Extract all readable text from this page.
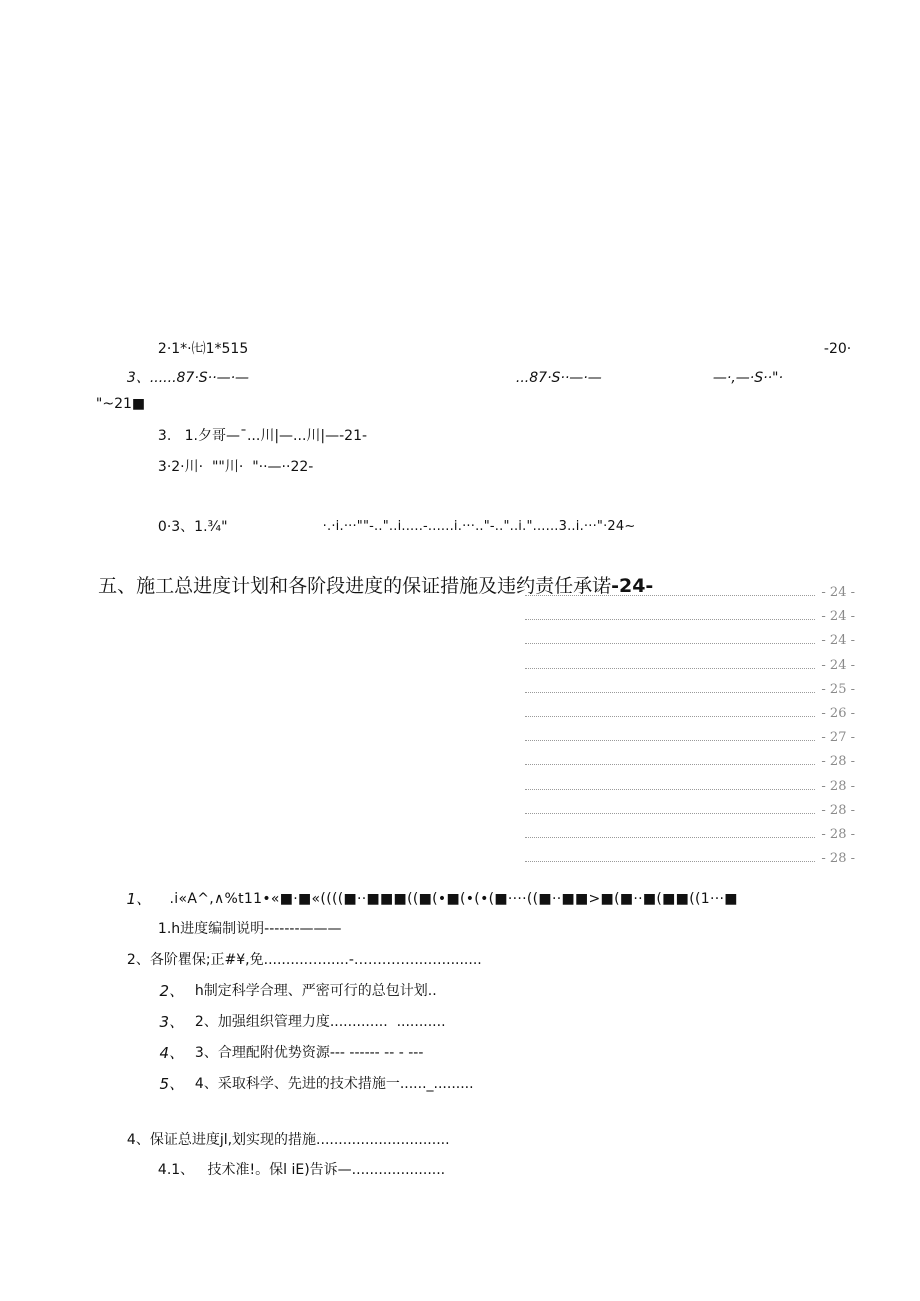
2·1*·㈦1*515	-20·

3、......87·S··—·—	...87·S··—·—	—·,—·S··"·

"~21■

3.   1.夕哥—ˉ...川|—...川|—-21-

3·2·川·  ""川·  "··—··22-

0·3、1.¾"	·.·i.···""-.."..i.....-......i.···.."-.."..i."......3..i.···"·24~

五、施工总进度计划和各阶段进度的保证措施及违约责任承诺-24-	- 24 -
- 24 -
- 24 -
- 24 -
- 25 -
- 26 -
- 27 -
- 28 -
- 28 -
- 28 -
- 28 -
- 28 -

1、	.i«A^,∧%t11•«■·■«((((■··■■■((■(•■(•(•(■····((■··■■>■(■··■(■■((1···■

1.h进度编制说明-------———

2、各阶瞿保;正#¥,免..........…......-…….……...….........

2、 h制定科学合理、严密可行的总包计划..

3、 2、加强组织管理力度.............  ...........

4、 3、合理配附优势资源--- ------ -- - ---

5、 4、采取科学、先进的技术措施一......_.........

4、保证总进度jl,划实现的措施..............................

4.1、   技术准!。保l iE)告诉—.....................
